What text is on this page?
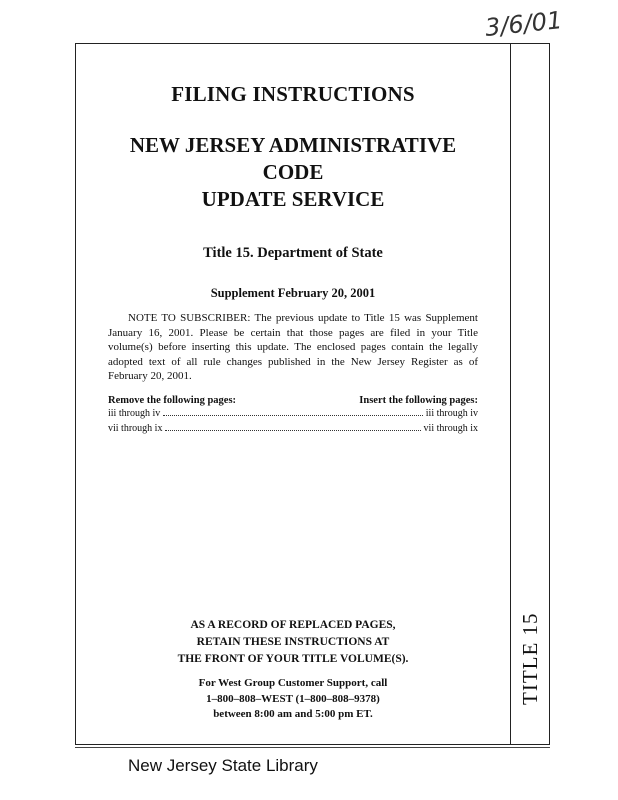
3/6/01
TITLE 15
FILING INSTRUCTIONS
NEW JERSEY ADMINISTRATIVE CODE
UPDATE SERVICE
Title 15. Department of State
Supplement February 20, 2001
NOTE TO SUBSCRIBER: The previous update to Title 15 was Supplement January 16, 2001. Please be certain that those pages are filed in your Title volume(s) before inserting this update. The enclosed pages contain the legally adopted text of all rule changes published in the New Jersey Register as of February 20, 2001.
Remove the following pages:	Insert the following pages:
iii through iv	iii through iv
vii through ix	vii through ix
AS A RECORD OF REPLACED PAGES,
RETAIN THESE INSTRUCTIONS AT
THE FRONT OF YOUR TITLE VOLUME(S).
For West Group Customer Support, call
1–800–808–WEST (1–800–808–9378)
between 8:00 am and 5:00 pm ET.
New Jersey State Library
